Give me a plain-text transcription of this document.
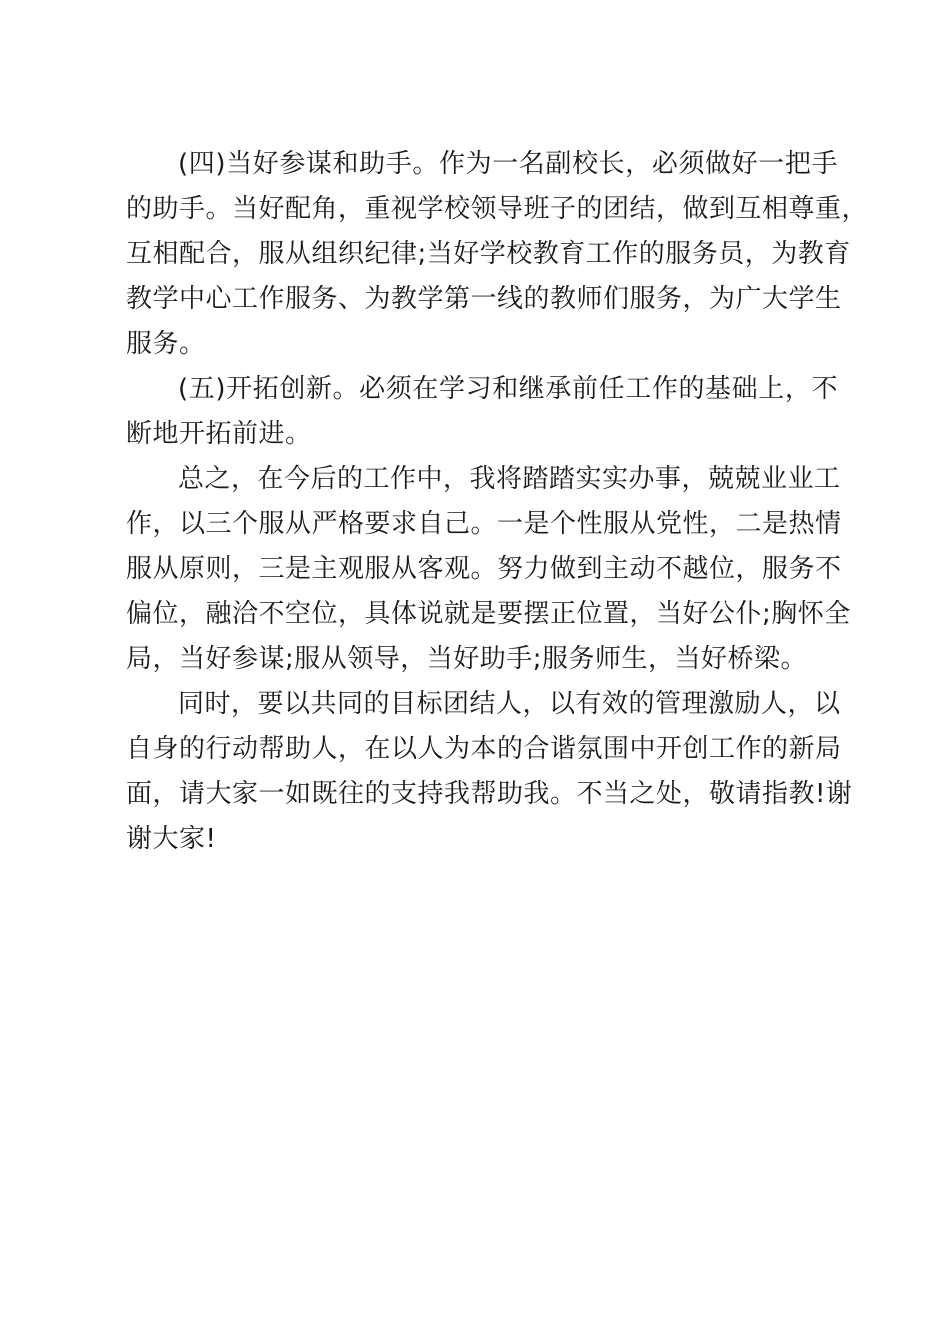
(四)当好参谋和助手。作为一名副校长，必须做好一把手
的助手。当好配角，重视学校领导班子的团结，做到互相尊重，
互相配合，服从组织纪律;当好学校教育工作的服务员，为教育
教学中心工作服务、为教学第一线的教师们服务，为广大学生
服务。
(五)开拓创新。必须在学习和继承前任工作的基础上，不
断地开拓前进。
总之，在今后的工作中，我将踏踏实实办事，兢兢业业工
作，以三个服从严格要求自己。一是个性服从党性，二是热情
服从原则，三是主观服从客观。努力做到主动不越位，服务不
偏位，融洽不空位，具体说就是要摆正位置，当好公仆;胸怀全
局，当好参谋;服从领导，当好助手;服务师生，当好桥梁。
同时，要以共同的目标团结人，以有效的管理激励人，以
自身的行动帮助人，在以人为本的合谐氛围中开创工作的新局
面，请大家一如既往的支持我帮助我。不当之处，敬请指教!谢
谢大家!
